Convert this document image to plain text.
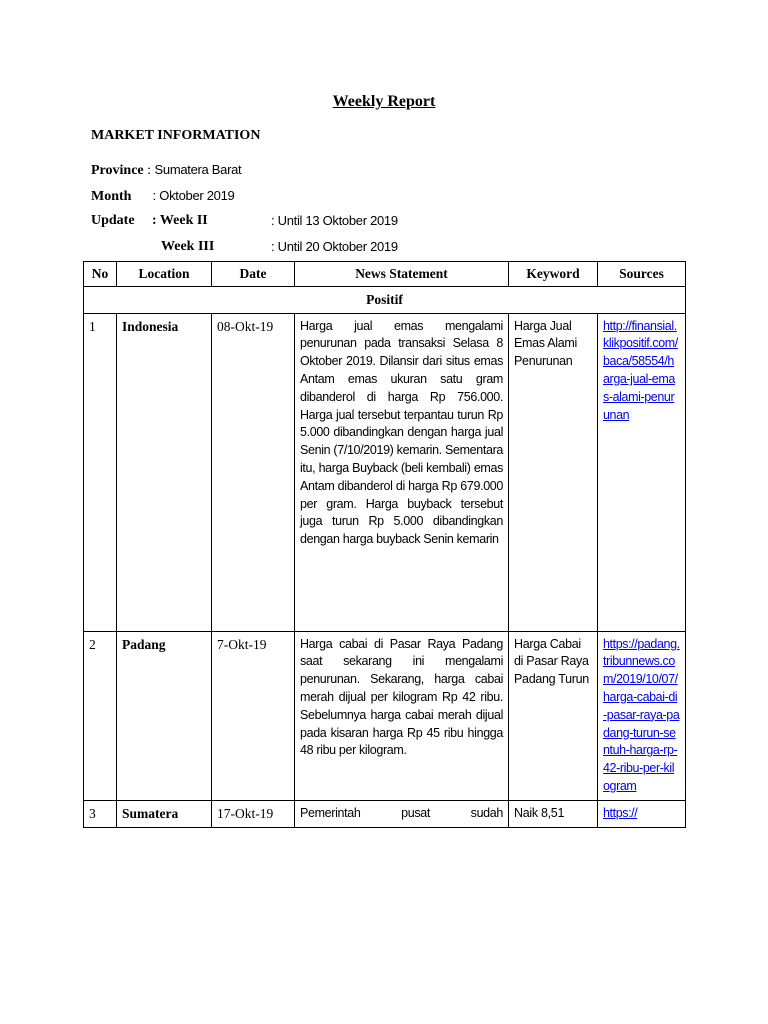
Weekly Report
MARKET INFORMATION
Province : Sumatera Barat
Month : Oktober 2019
Update : Week II	: Until 13 Oktober 2019
Week III	: Until 20 Oktober 2019
No	Location	Date	News Statement	Keyword	Sources
Positif					
1	Indonesia	08-Okt-19	Harga jual emas mengalami penurunan pada transaksi Selasa 8 Oktober 2019. Dilansir dari situs emas Antam emas ukuran satu gram dibanderol di harga Rp 756.000. Harga jual tersebut terpantau turun Rp 5.000 dibandingkan dengan harga jual Senin (7/10/2019) kemarin. Sementara itu, harga Buyback (beli kembali) emas Antam dibanderol di harga Rp 679.000 per gram. Harga buyback tersebut juga turun Rp 5.000 dibandingkan dengan harga buyback Senin kemarin	Harga Jual Emas Alami Penurunan	http://finansial.klikpositif.com/baca/58554/harga-jual-emas-alami-penurunan
2	Padang	7-Okt-19	Harga cabai di Pasar Raya Padang saat sekarang ini mengalami penurunan. Sekarang, harga cabai merah dijual per kilogram Rp 42 ribu. Sebelumnya harga cabai merah dijual pada kisaran harga Rp 45 ribu hingga 48 ribu per kilogram.	Harga Cabai di Pasar Raya Padang Turun	https://padang.tribunnews.com/2019/10/07/harga-cabai-di-pasar-raya-padang-turun-sentuh-harga-rp-42-ribu-per-kilogram
3	Sumatera	17-Okt-19	Pemerintah pusat sudah	Naik 8,51	https://
